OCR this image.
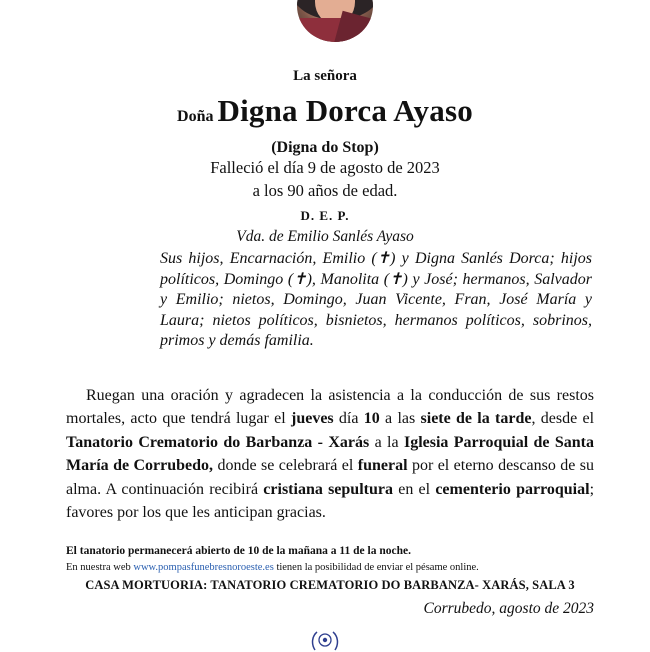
La señora
Doña Digna Dorca Ayaso
(Digna do Stop)
Falleció el día 9 de agosto de 2023
a los 90 años de edad.
D. E. P.
Vda. de Emilio Sanlés Ayaso
Sus hijos, Encarnación, Emilio (✝) y Digna Sanlés Dorca; hijos políticos, Domingo (✝), Manolita (✝) y José; hermanos, Salvador y Emilio; nietos, Domingo, Juan Vicente, Fran, José María y Laura; nietos políticos, bisnietos, hermanos políticos, sobrinos, primos y demás familia.

Ruegan una oración y agradecen la asistencia a la conducción de sus restos mortales, acto que tendrá lugar el jueves día 10 a las siete de la tarde, desde el Tanatorio Crematorio do Barbanza - Xarás a la Iglesia Parroquial de Santa María de Corrubedo, donde se celebrará el funeral por el eterno descanso de su alma. A continuación recibirá cristiana sepultura en el cementerio parroquial; favores por los que les anticipan gracias.

El tanatorio permanecerá abierto de 10 de la mañana a 11 de la noche.
En nuestra web www.pompasfunebresnoroeste.es tienen la posibilidad de enviar el pésame online.
CASA MORTUORIA: TANATORIO CREMATORIO DO BARBANZA- XARÁS, SALA 3
Corrubedo, agosto de 2023
